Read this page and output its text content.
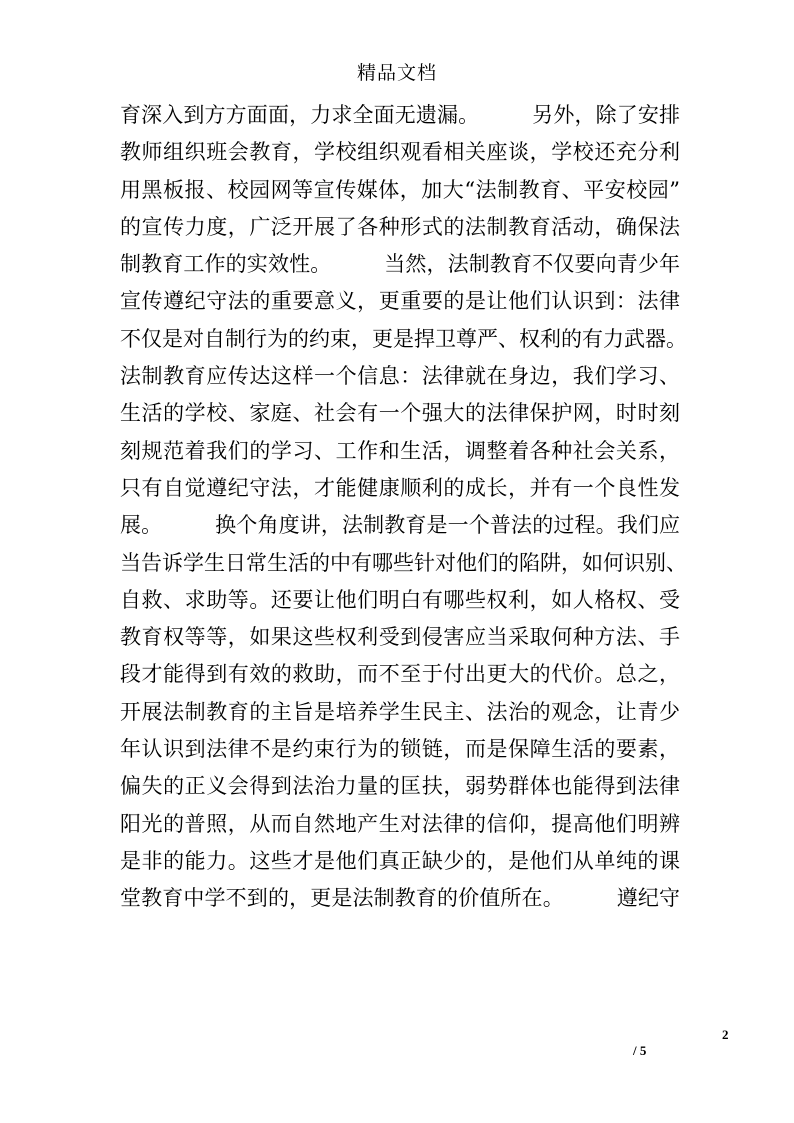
精品文档
育深入到方方面面，力求全面无遗漏。　　　另外，除了安排
教师组织班会教育，学校组织观看相关座谈，学校还充分利
用黑板报、校园网等宣传媒体，加大“法制教育、平安校园”
的宣传力度，广泛开展了各种形式的法制教育活动，确保法
制教育工作的实效性。　　　当然，法制教育不仅要向青少年
宣传遵纪守法的重要意义，更重要的是让他们认识到：法律
不仅是对自制行为的约束，更是捍卫尊严、权利的有力武器。
法制教育应传达这样一个信息：法律就在身边，我们学习、
生活的学校、家庭、社会有一个强大的法律保护网，时时刻
刻规范着我们的学习、工作和生活，调整着各种社会关系，
只有自觉遵纪守法，才能健康顺利的成长，并有一个良性发
展。　　　换个角度讲，法制教育是一个普法的过程。我们应
当告诉学生日常生活的中有哪些针对他们的陷阱，如何识别、
自救、求助等。还要让他们明白有哪些权利，如人格权、受
教育权等等，如果这些权利受到侵害应当采取何种方法、手
段才能得到有效的救助，而不至于付出更大的代价。总之，
开展法制教育的主旨是培养学生民主、法治的观念，让青少
年认识到法律不是约束行为的锁链，而是保障生活的要素，
偏失的正义会得到法治力量的匡扶，弱势群体也能得到法律
阳光的普照，从而自然地产生对法律的信仰，提高他们明辨
是非的能力。这些才是他们真正缺少的，是他们从单纯的课
堂教育中学不到的，更是法制教育的价值所在。　　　遵纪守
2
/ 5
